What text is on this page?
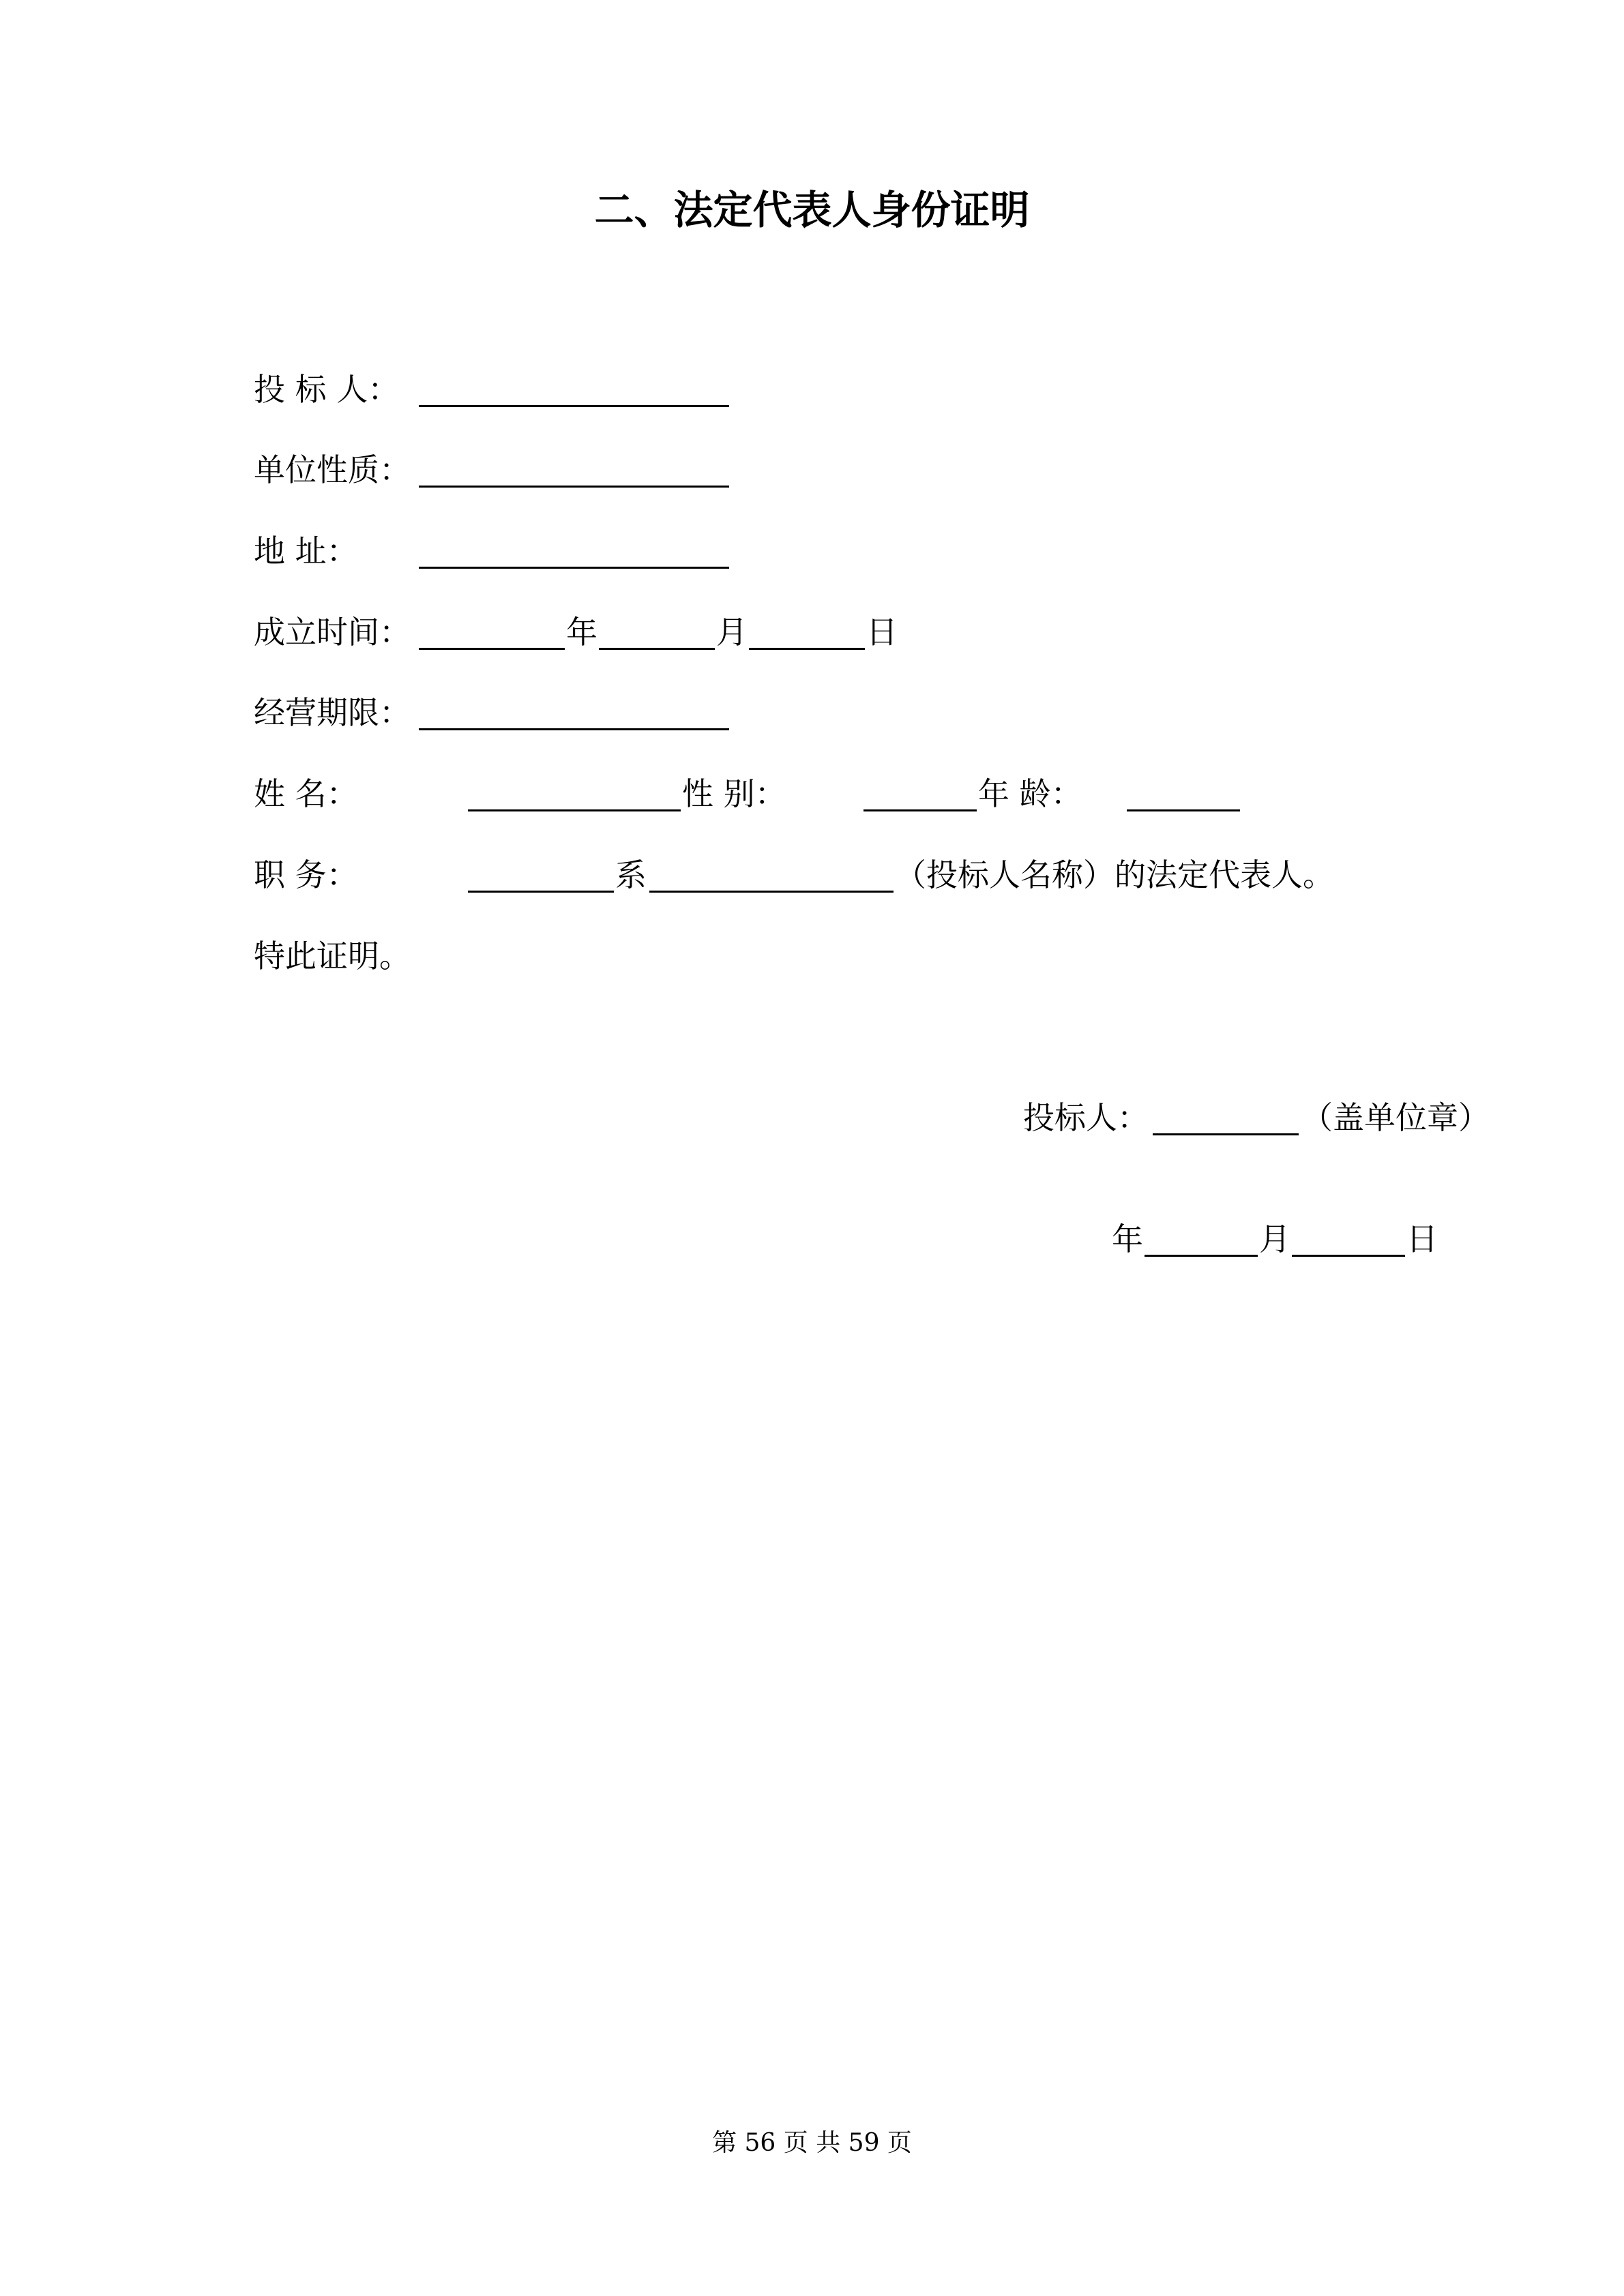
二、法定代表人身份证明
投 标 人：
单位性质：
地 址：
成立时间：	年	月	日
经营期限：
姓 名：	性 别：	年 龄：
职 务：	系	（投标人名称）的法定代表人。
特此证明。
投标人：	（盖单位章）
年	月	日
第 56 页 共 59 页
